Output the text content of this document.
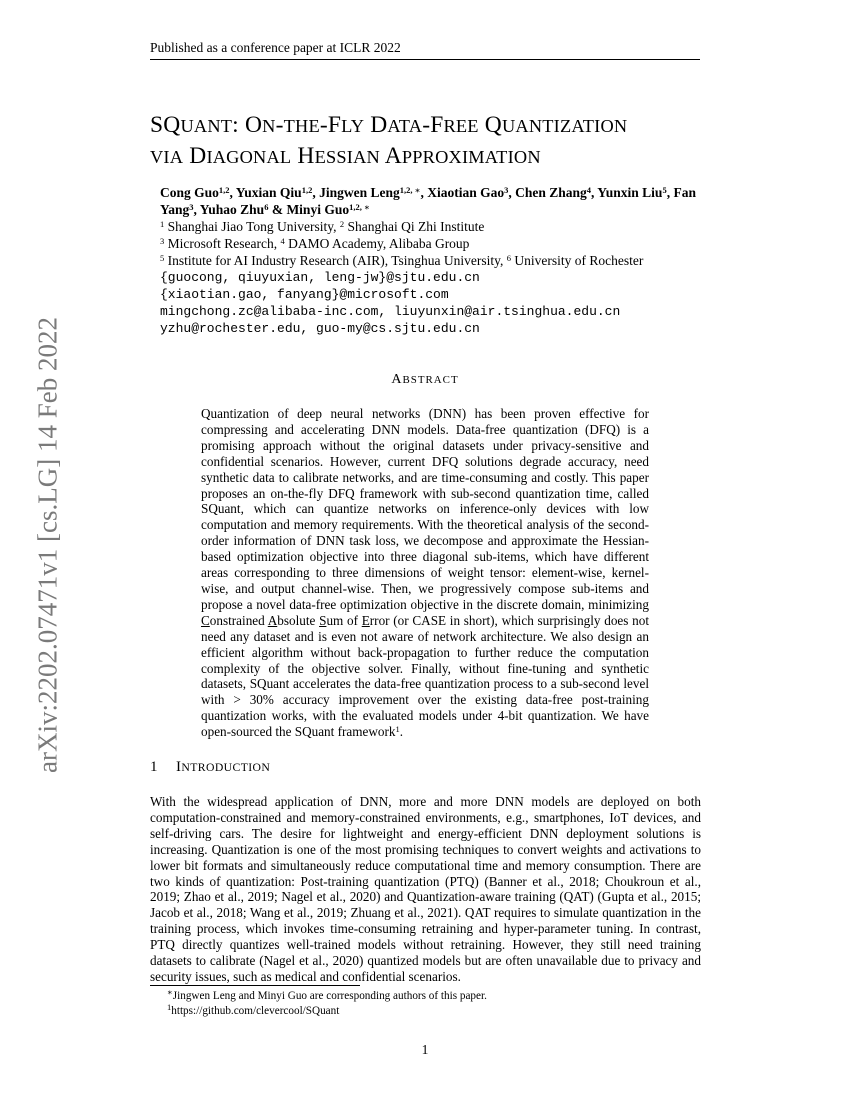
Published as a conference paper at ICLR 2022
arXiv:2202.07471v1 [cs.LG] 14 Feb 2022
SQUANT: ON-THE-FLY DATA-FREE QUANTIZATION
VIA DIAGONAL HESSIAN APPROXIMATION
Cong Guo$^{1,2}$, Yuxian Qiu$^{1,2}$, Jingwen Leng$^{1,2, ∗}$, Xiaotian Gao$^3$, Chen Zhang$^4$, Yunxin Liu$^5$, Fan Yang$^3$, Yuhao Zhu$^6$ & Minyi Guo$^{1,2, ∗}$
$^1$ Shanghai Jiao Tong University, $^2$ Shanghai Qi Zhi Institute
$^3$ Microsoft Research, $^4$ DAMO Academy, Alibaba Group
$^5$ Institute for AI Industry Research (AIR), Tsinghua University, $^6$ University of Rochester
{guocong, qiuyuxian, leng-jw}@sjtu.edu.cn
{xiaotian.gao, fanyang}@microsoft.com
mingchong.zc@alibaba-inc.com, liuyunxin@air.tsinghua.edu.cn
yzhu@rochester.edu, guo-my@cs.sjtu.edu.cn
ABSTRACT

Quantization of deep neural networks (DNN) has been proven effective for compressing and accelerating DNN models. Data-free quantization (DFQ) is a promising approach without the original datasets under privacy-sensitive and confidential scenarios. However, current DFQ solutions degrade accuracy, need synthetic data to calibrate networks, and are time-consuming and costly. This paper proposes an on-the-fly DFQ framework with sub-second quantization time, called SQuant, which can quantize networks on inference-only devices with low computation and memory requirements. With the theoretical analysis of the second-order information of DNN task loss, we decompose and approximate the Hessian-based optimization objective into three diagonal sub-items, which have different areas corresponding to three dimensions of weight tensor: element-wise, kernel-wise, and output channel-wise. Then, we progressively compose sub-items and propose a novel data-free optimization objective in the discrete domain, minimizing Constrained Absolute Sum of Error (or CASE in short), which surprisingly does not need any dataset and is even not aware of network architecture. We also design an efficient algorithm without back-propagation to further reduce the computation complexity of the objective solver. Finally, without fine-tuning and synthetic datasets, SQuant accelerates the data-free quantization process to a sub-second level with > 30% accuracy improvement over the existing data-free post-training quantization works, with the evaluated models under 4-bit quantization. We have open-sourced the SQuant framework$^1$.

1 INTRODUCTION

With the widespread application of DNN, more and more DNN models are deployed on both computation-constrained and memory-constrained environments, e.g., smartphones, IoT devices, and self-driving cars. The desire for lightweight and energy-efficient DNN deployment solutions is increasing. Quantization is one of the most promising techniques to convert weights and activations to lower bit formats and simultaneously reduce computational time and memory consumption. There are two kinds of quantization: Post-training quantization (PTQ) (Banner et al., 2018; Choukroun et al., 2019; Zhao et al., 2019; Nagel et al., 2020) and Quantization-aware training (QAT) (Gupta et al., 2015; Jacob et al., 2018; Wang et al., 2019; Zhuang et al., 2021). QAT requires to simulate quantization in the training process, which invokes time-consuming retraining and hyper-parameter tuning. In contrast, PTQ directly quantizes well-trained models without retraining. However, they still need training datasets to calibrate (Nagel et al., 2020) quantized models but are often unavailable due to privacy and security issues, such as medical and confidential scenarios.

∗Jingwen Leng and Minyi Guo are corresponding authors of this paper.
$^1$https://github.com/clevercool/SQuant
1
